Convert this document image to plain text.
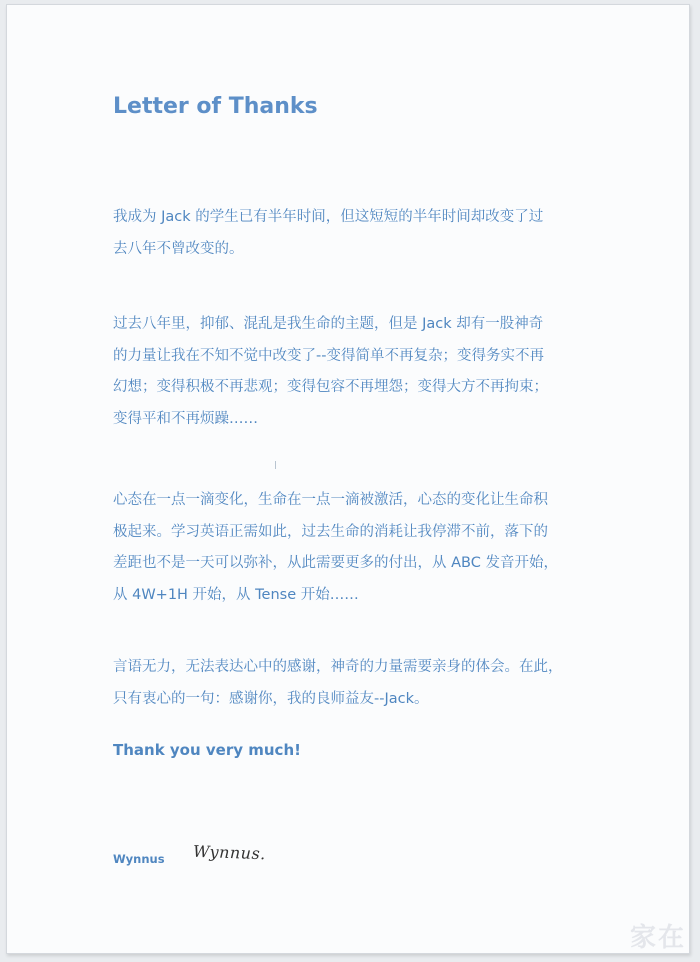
Letter of Thanks

我成为 Jack 的学生已有半年时间，但这短短的半年时间却改变了过
去八年不曾改变的。

过去八年里，抑郁、混乱是我生命的主题，但是 Jack 却有一股神奇
的力量让我在不知不觉中改变了--变得简单不再复杂；变得务实不再
幻想；变得积极不再悲观；变得包容不再埋怨；变得大方不再拘束；
变得平和不再烦躁……

心态在一点一滴变化，生命在一点一滴被激活，心态的变化让生命积
极起来。学习英语正需如此，过去生命的消耗让我停滞不前，落下的
差距也不是一天可以弥补，从此需要更多的付出，从 ABC 发音开始，
从 4W+1H 开始，从 Tense 开始……

言语无力，无法表达心中的感谢，神奇的力量需要亲身的体会。在此，
只有衷心的一句：感谢你，我的良师益友--Jack。

Thank you very much!
Wynnus Wynnus.
家在
